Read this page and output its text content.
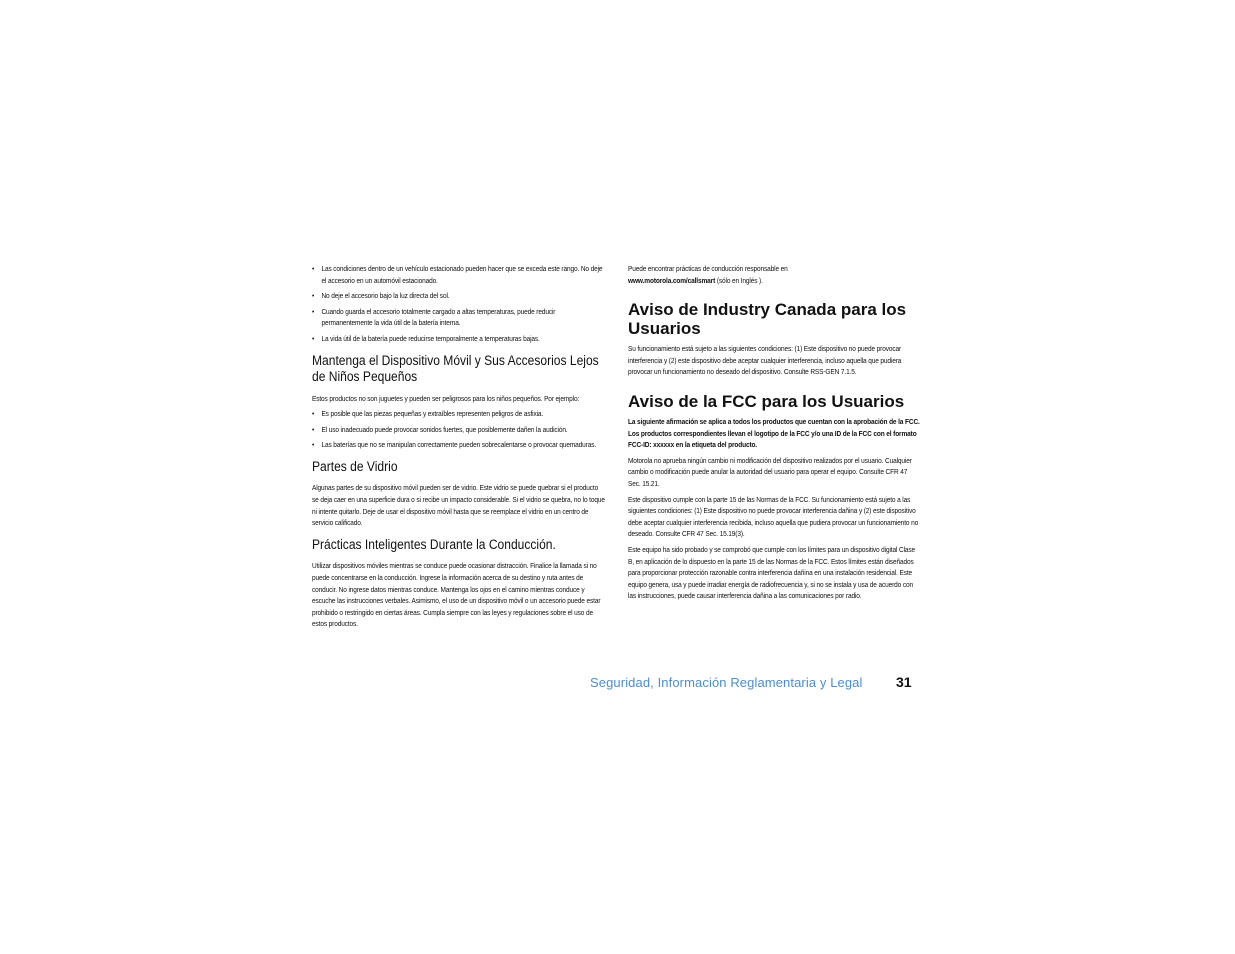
• Las condiciones dentro de un vehículo estacionado pueden hacer que se exceda este rango. No deje el accesorio en un automóvil estacionado.
• No deje el accesorio bajo la luz directa del sol.
• Cuando guarda el accesorio totalmente cargado a altas temperaturas, puede reducir permanentemente la vida útil de la batería interna.
• La vida útil de la batería puede reducirse temporalmente a temperaturas bajas.
Mantenga el Dispositivo Móvil y Sus Accesorios Lejos de Niños Pequeños

Estos productos no son juguetes y pueden ser peligrosos para los niños pequeños. Por ejemplo:

• Es posible que las piezas pequeñas y extraíbles representen peligros de asfixia.
• El uso inadecuado puede provocar sonidos fuertes, que posiblemente dañen la audición.
• Las baterías que no se manipulan correctamente pueden sobrecalentarse o provocar quemaduras.
Partes de Vidrio

Algunas partes de su dispositivo móvil pueden ser de vidrio. Este vidrio se puede quebrar si el producto se deja caer en una superficie dura o si recibe un impacto considerable. Si el vidrio se quebra, no lo toque ni intente quitarlo. Deje de usar el dispositivo móvil hasta que se reemplace el vidrio en un centro de servicio calificado.

Prácticas Inteligentes Durante la Conducción.

Utilizar dispositivos móviles mientras se conduce puede ocasionar distracción. Finalice la llamada si no puede concentrarse en la conducción. Ingrese la información acerca de su destino y ruta antes de conducir. No ingrese datos mientras conduce. Mantenga los ojos en el camino mientras conduce y escuche las instrucciones verbales. Asimismo, el uso de un dispositivo móvil o un accesorio puede estar prohibido o restringido en ciertas áreas. Cumpla siempre con las leyes y regulaciones sobre el uso de estos productos.

Puede encontrar prácticas de conducción responsable en
www.motorola.com/callsmart (sólo en Inglés ).

Aviso de Industry Canada para los Usuarios

Su funcionamiento está sujeto a las siguientes condiciones: (1) Este dispositivo no puede provocar interferencia y (2) este dispositivo debe aceptar cualquier interferencia, incluso aquella que pudiera provocar un funcionamiento no deseado del dispositivo. Consulte RSS-GEN 7.1.5.

Aviso de la FCC para los Usuarios

La siguiente afirmación se aplica a todos los productos que cuentan con la aprobación de la FCC. Los productos correspondientes llevan el logotipo de la FCC y/o una ID de la FCC con el formato FCC-ID: xxxxxx en la etiqueta del producto.

Motorola no aprueba ningún cambio ni modificación del dispositivo realizados por el usuario. Cualquier cambio o modificación puede anular la autoridad del usuario para operar el equipo. Consulte CFR 47 Sec. 15.21.

Este dispositivo cumple con la parte 15 de las Normas de la FCC. Su funcionamiento está sujeto a las siguientes condiciones: (1) Este dispositivo no puede provocar interferencia dañina y (2) este dispositivo debe aceptar cualquier interferencia recibida, incluso aquella que pudiera provocar un funcionamiento no deseado. Consulte CFR 47 Sec. 15.19(3).

Este equipo ha sido probado y se comprobó que cumple con los límites para un dispositivo digital Clase B, en aplicación de lo dispuesto en la parte 15 de las Normas de la FCC. Estos límites están diseñados para proporcionar protección razonable contra interferencia dañina en una instalación residencial. Este equipo genera, usa y puede irradiar energía de radiofrecuencia y, si no se instala y usa de acuerdo con las instrucciones, puede causar interferencia dañina a las comunicaciones por radio.

Seguridad, Información Reglamentaria y Legal 31
